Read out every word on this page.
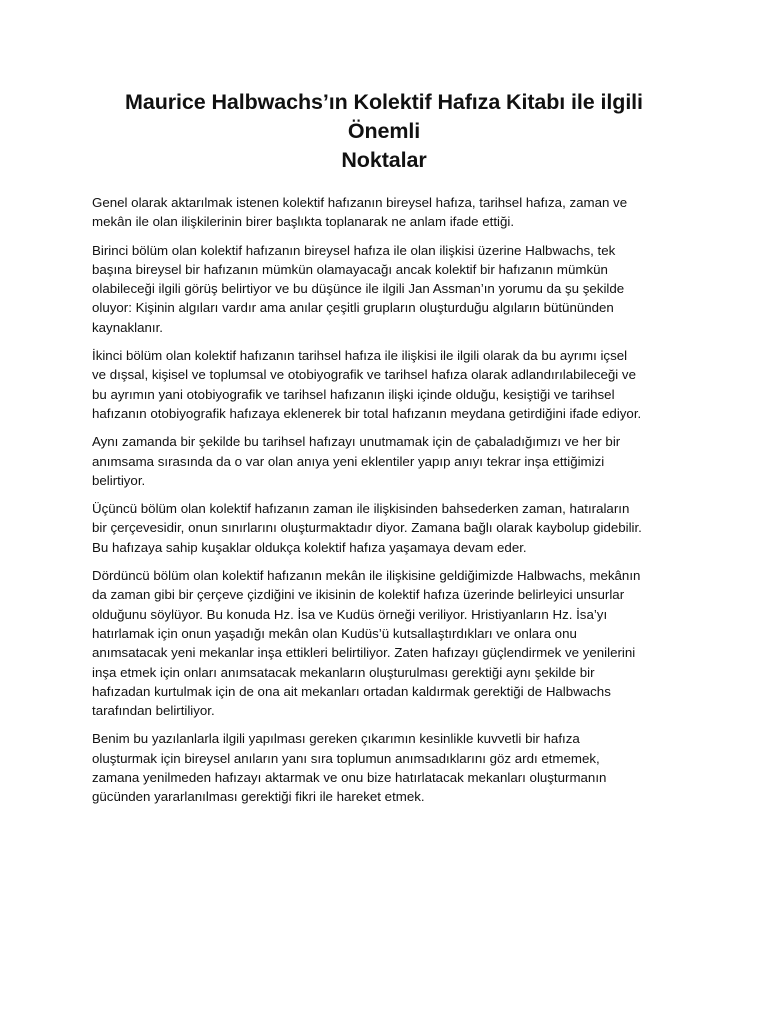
Maurice Halbwachs’ın Kolektif Hafıza Kitabı ile ilgili Önemli
Noktalar

Genel olarak aktarılmak istenen kolektif hafızanın bireysel hafıza, tarihsel hafıza, zaman ve
mekân ile olan ilişkilerinin birer başlıkta toplanarak ne anlam ifade ettiği.

Birinci bölüm olan kolektif hafızanın bireysel hafıza ile olan ilişkisi üzerine Halbwachs, tek
başına bireysel bir hafızanın mümkün olamayacağı ancak kolektif bir hafızanın mümkün
olabileceği ilgili görüş belirtiyor ve bu düşünce ile ilgili Jan Assman’ın yorumu da şu şekilde
oluyor: Kişinin algıları vardır ama anılar çeşitli grupların oluşturduğu algıların bütününden
kaynaklanır.

İkinci bölüm olan kolektif hafızanın tarihsel hafıza ile ilişkisi ile ilgili olarak da bu ayrımı içsel
ve dışsal, kişisel ve toplumsal ve otobiyografik ve tarihsel hafıza olarak adlandırılabileceği ve
bu ayrımın yani otobiyografik ve tarihsel hafızanın ilişki içinde olduğu, kesiştiği ve tarihsel
hafızanın otobiyografik hafızaya eklenerek bir total hafızanın meydana getirdiğini ifade ediyor.

Aynı zamanda bir şekilde bu tarihsel hafızayı unutmamak için de çabaladığımızı ve her bir
anımsama sırasında da o var olan anıya yeni eklentiler yapıp anıyı tekrar inşa ettiğimizi
belirtiyor.

Üçüncü bölüm olan kolektif hafızanın zaman ile ilişkisinden bahsederken zaman, hatıraların
bir çerçevesidir, onun sınırlarını oluşturmaktadır diyor. Zamana bağlı olarak kaybolup gidebilir.
Bu hafızaya sahip kuşaklar oldukça kolektif hafıza yaşamaya devam eder.

Dördüncü bölüm olan kolektif hafızanın mekân ile ilişkisine geldiğimizde Halbwachs, mekânın
da zaman gibi bir çerçeve çizdiğini ve ikisinin de kolektif hafıza üzerinde belirleyici unsurlar
olduğunu söylüyor. Bu konuda Hz. İsa ve Kudüs örneği veriliyor. Hristiyanların Hz. İsa’yı
hatırlamak için onun yaşadığı mekân olan Kudüs’ü kutsallaştırdıkları ve onlara onu
anımsatacak yeni mekanlar inşa ettikleri belirtiliyor. Zaten hafızayı güçlendirmek ve yenilerini
inşa etmek için onları anımsatacak mekanların oluşturulması gerektiği aynı şekilde bir
hafızadan kurtulmak için de ona ait mekanları ortadan kaldırmak gerektiği de Halbwachs
tarafından belirtiliyor.

Benim bu yazılanlarla ilgili yapılması gereken çıkarımın kesinlikle kuvvetli bir hafıza
oluşturmak için bireysel anıların yanı sıra toplumun anımsadıklarını göz ardı etmemek,
zamana yenilmeden hafızayı aktarmak ve onu bize hatırlatacak mekanları oluşturmanın
gücünden yararlanılması gerektiği fikri ile hareket etmek.
